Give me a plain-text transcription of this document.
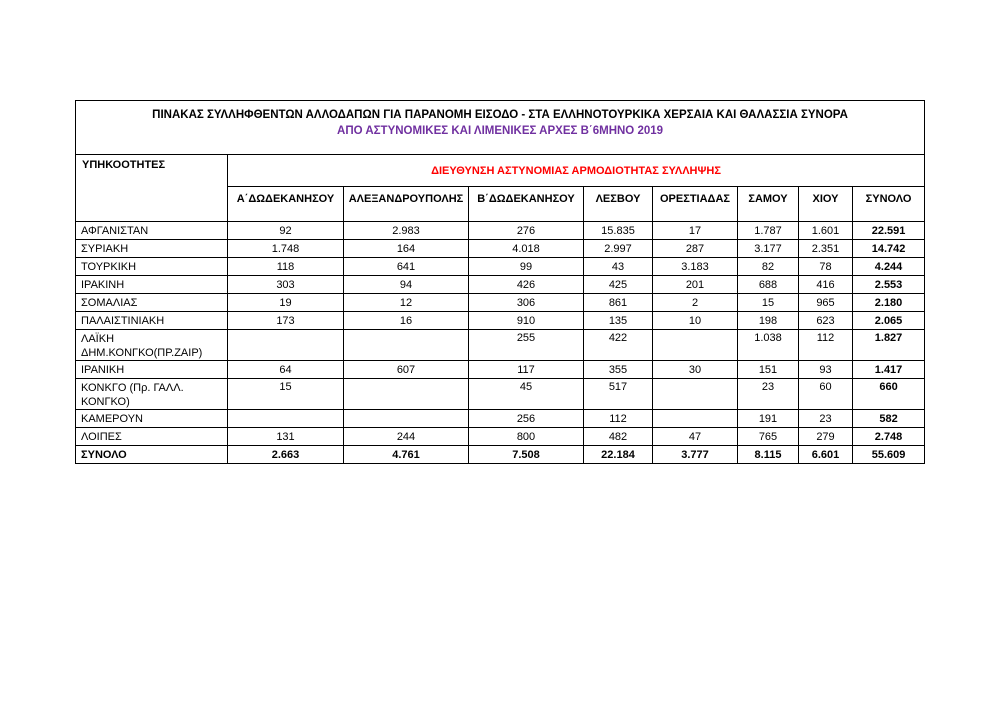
ΠΙΝΑΚΑΣ ΣΥΛΛΗΦΘΕΝΤΩΝ ΑΛΛΟΔΑΠΩΝ ΓΙΑ ΠΑΡΑΝΟΜΗ ΕΙΣΟΔΟ - ΣΤΑ ΕΛΛΗΝΟΤΟΥΡΚΙΚΑ ΧΕΡΣΑΙΑ ΚΑΙ ΘΑΛΑΣΣΙΑ ΣΥΝΟΡΑ
ΑΠΟ ΑΣΤΥΝΟΜΙΚΕΣ ΚΑΙ ΛΙΜΕΝΙΚΕΣ ΑΡΧΕΣ Β΄6ΜΗΝΟ 2019								

ΥΠΗΚΟΟΤΗΤΕΣ	ΔΙΕΥΘΥΝΣΗ ΑΣΤΥΝΟΜΙΑΣ ΑΡΜΟΔΙΟΤΗΤΑΣ ΣΥΛΛΗΨΗΣ							
	Α΄ΔΩΔΕΚΑΝΗΣΟΥ	ΑΛΕΞΑΝΔΡΟΥΠΟΛΗΣ	Β΄ΔΩΔΕΚΑΝΗΣΟΥ	ΛΕΣΒΟΥ	ΟΡΕΣΤΙΑΔΑΣ	ΣΑΜΟΥ	ΧΙΟΥ	ΣΥΝΟΛΟ
ΑΦΓΑΝΙΣΤΑΝ	92	2.983	276	15.835	17	1.787	1.601	22.591
ΣΥΡΙΑΚΗ	1.748	164	4.018	2.997	287	3.177	2.351	14.742
ΤΟΥΡΚΙΚΗ	118	641	99	43	3.183	82	78	4.244
ΙΡΑΚΙΝΗ	303	94	426	425	201	688	416	2.553
ΣΟΜΑΛΙΑΣ	19	12	306	861	2	15	965	2.180
ΠΑΛΑΙΣΤΙΝΙΑΚΗ	173	16	910	135	10	198	623	2.065
ΛΑΪΚΗ ΔΗΜ.ΚΟΝΓΚΟ(ΠΡ.ΖΑΙΡ)			255	422		1.038	112	1.827
ΙΡΑΝΙΚΗ	64	607	117	355	30	151	93	1.417
ΚΟΝΚΓΟ (Πρ. ΓΑΛΛ. ΚΟΝΓΚΟ)	15		45	517		23	60	660
ΚΑΜΕΡΟΥΝ			256	112		191	23	582
ΛΟΙΠΕΣ	131	244	800	482	47	765	279	2.748
ΣΥΝΟΛΟ	2.663	4.761	7.508	22.184	3.777	8.115	6.601	55.609
